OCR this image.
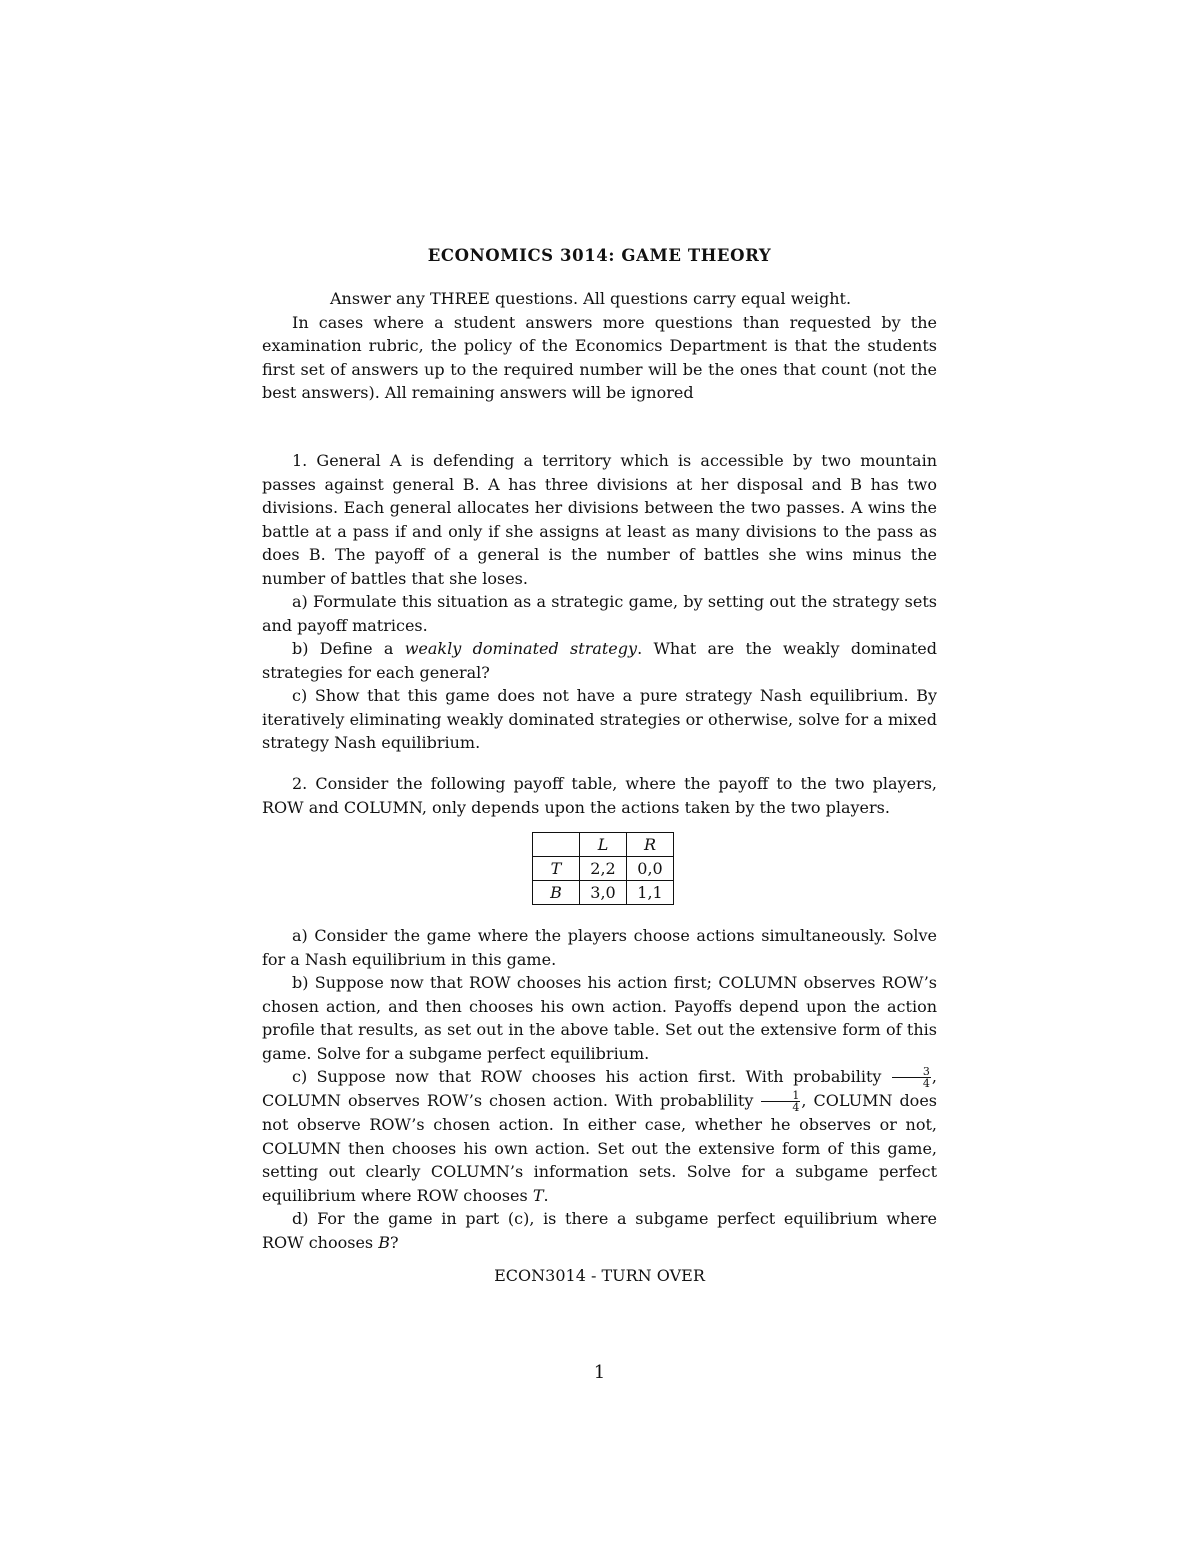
ECONOMICS 3014: GAME THEORY

Answer any THREE questions. All questions carry equal weight.

In cases where a student answers more questions than requested by the examination rubric, the policy of the Economics Department is that the students first set of answers up to the required number will be the ones that count (not the best answers). All remaining answers will be ignored

1. General A is defending a territory which is accessible by two mountain passes against general B. A has three divisions at her disposal and B has two divisions. Each general allocates her divisions between the two passes. A wins the battle at a pass if and only if she assigns at least as many divisions to the pass as does B. The payoff of a general is the number of battles she wins minus the number of battles that she loses.

a) Formulate this situation as a strategic game, by setting out the strategy sets and payoff matrices.

b) Define a weakly dominated strategy. What are the weakly dominated strategies for each general?

c) Show that this game does not have a pure strategy Nash equilibrium. By iteratively eliminating weakly dominated strategies or otherwise, solve for a mixed strategy Nash equilibrium.

2. Consider the following payoff table, where the payoff to the two players, ROW and COLUMN, only depends upon the actions taken by the two players.

	L	R
T	2,2	0,0
B	3,0	1,1

a) Consider the game where the players choose actions simultaneously. Solve for a Nash equilibrium in this game.

b) Suppose now that ROW chooses his action first; COLUMN observes ROW’s chosen action, and then chooses his own action. Payoffs depend upon the action profile that results, as set out in the above table. Set out the extensive form of this game. Solve for a subgame perfect equilibrium.

c) Suppose now that ROW chooses his action first. With probability $\frac{3}{4}$ , COLUMN observes ROW’s chosen action. With probablility $\frac{1}{4}$ , COLUMN does not observe ROW’s chosen action. In either case, whether he observes or not, COLUMN then chooses his own action. Set out the extensive form of this game, setting out clearly COLUMN’s information sets. Solve for a subgame perfect equilibrium where ROW chooses T.

d) For the game in part (c), is there a subgame perfect equilibrium where ROW chooses B?

ECON3014 - TURN OVER
1
